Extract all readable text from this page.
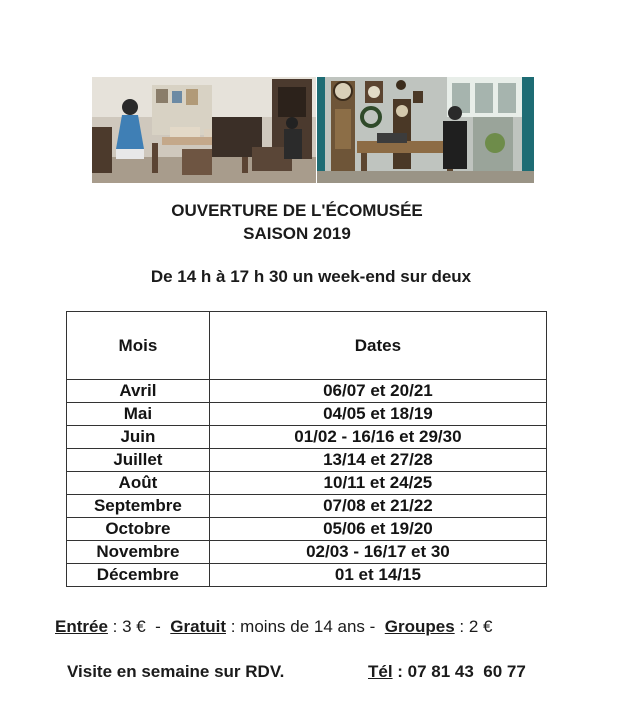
OUVERTURE DE L'ÉCOMUSÉE
SAISON 2019
De 14 h à 17 h 30 un week-end sur deux
Mois	Dates
Avril	06/07 et 20/21
Mai	04/05 et 18/19
Juin	01/02 - 16/16 et 29/30
Juillet	13/14 et 27/28
Août	10/11 et 24/25
Septembre	07/08 et 21/22
Octobre	05/06 et 19/20
Novembre	02/03 - 16/17 et 30
Décembre	01 et 14/15
Entrée : 3 €  -  Gratuit : moins de 14 ans -  Groupes : 2 €
Visite en semaine sur RDV.	Tél : 07 81 43  60 77
